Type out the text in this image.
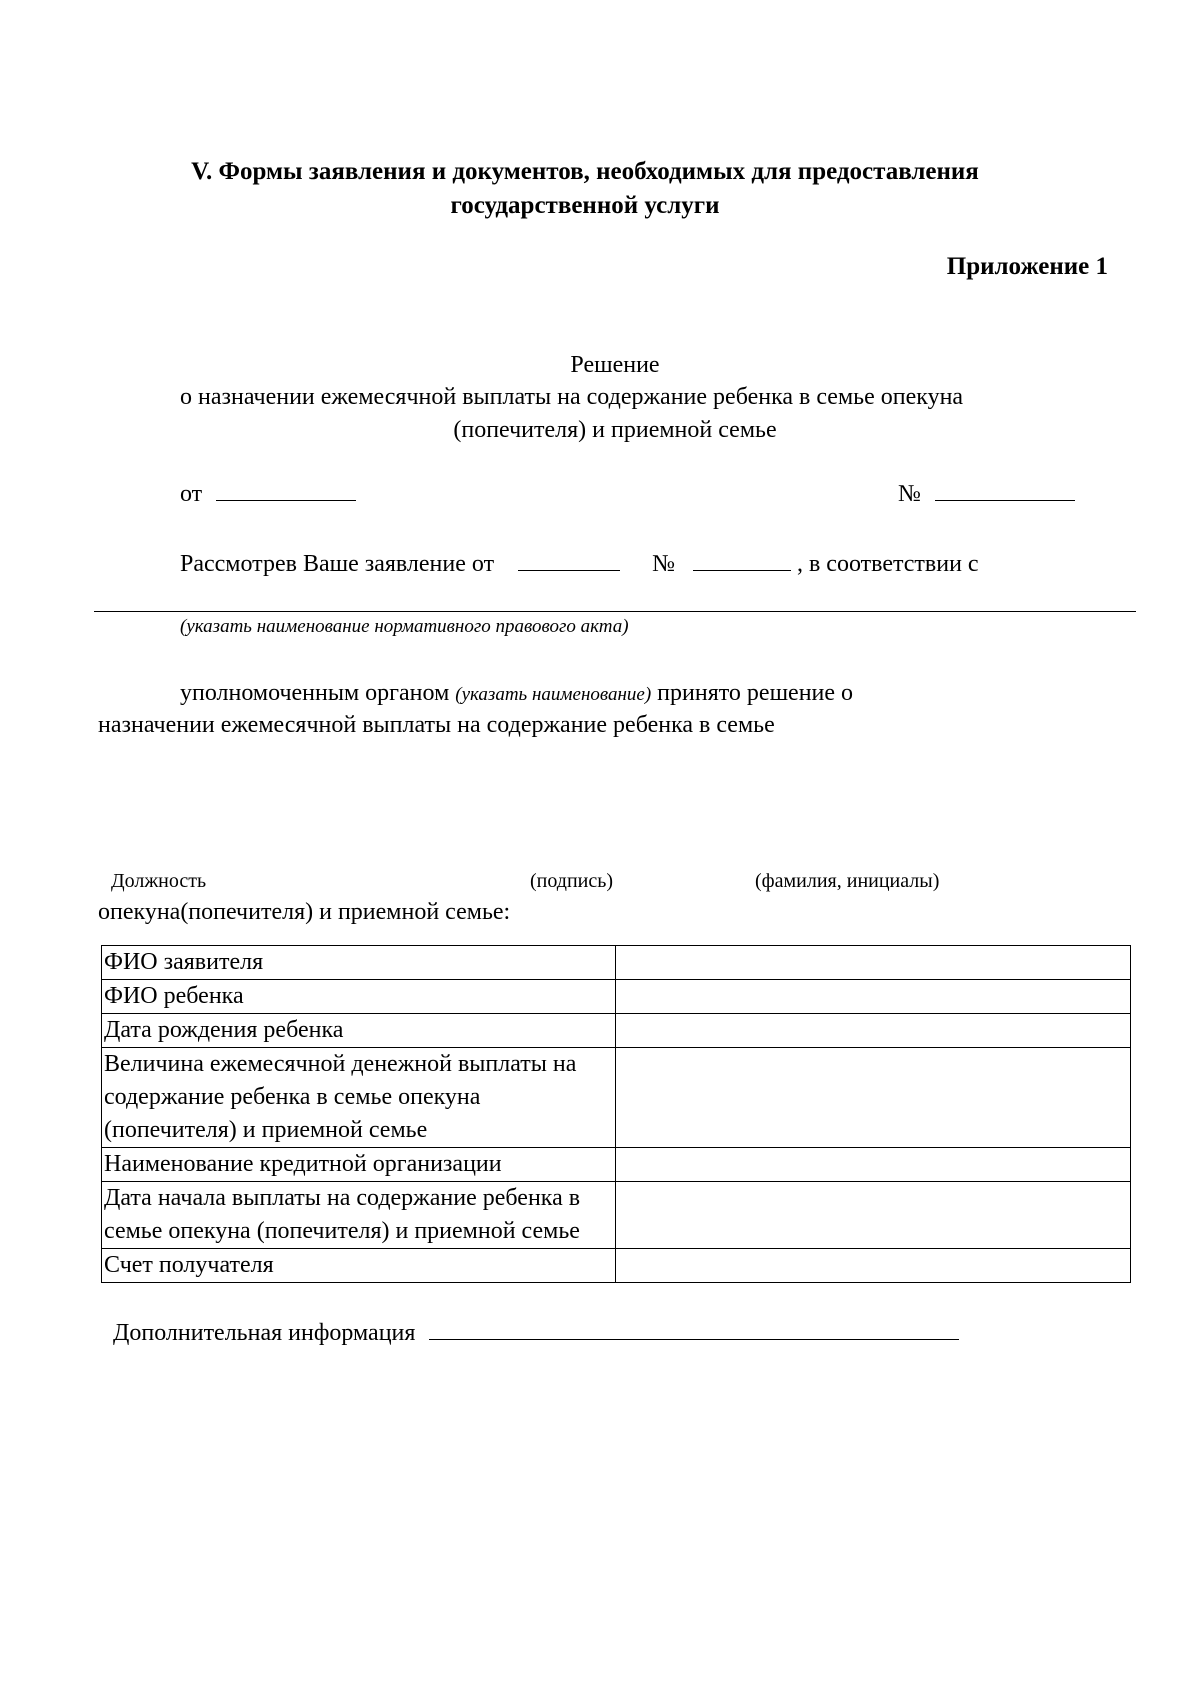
V. Формы заявления и документов, необходимых для предоставления
государственной услуги
Приложение 1
Решение
о назначении ежемесячной выплаты на содержание ребенка в семье опекуна
(попечителя) и приемной семье
от	№
Рассмотрев Ваше заявление от	№	, в соответствии с
(указать наименование нормативного правового акта)
уполномоченным органом (указать наименование) принято решение о
назначении ежемесячной выплаты на содержание ребенка в семье
Должность	(подпись)	(фамилия, инициалы)
опекуна(попечителя) и приемной семье:
ФИО заявителя	
ФИО ребенка	
Дата рождения ребенка	
Величина ежемесячной денежной выплаты на содержание ребенка в семье опекуна (попечителя) и приемной семье	
Наименование кредитной организации	
Дата начала выплаты на содержание ребенка в семье опекуна (попечителя) и приемной семье	
Счет получателя	
Дополнительная информация
